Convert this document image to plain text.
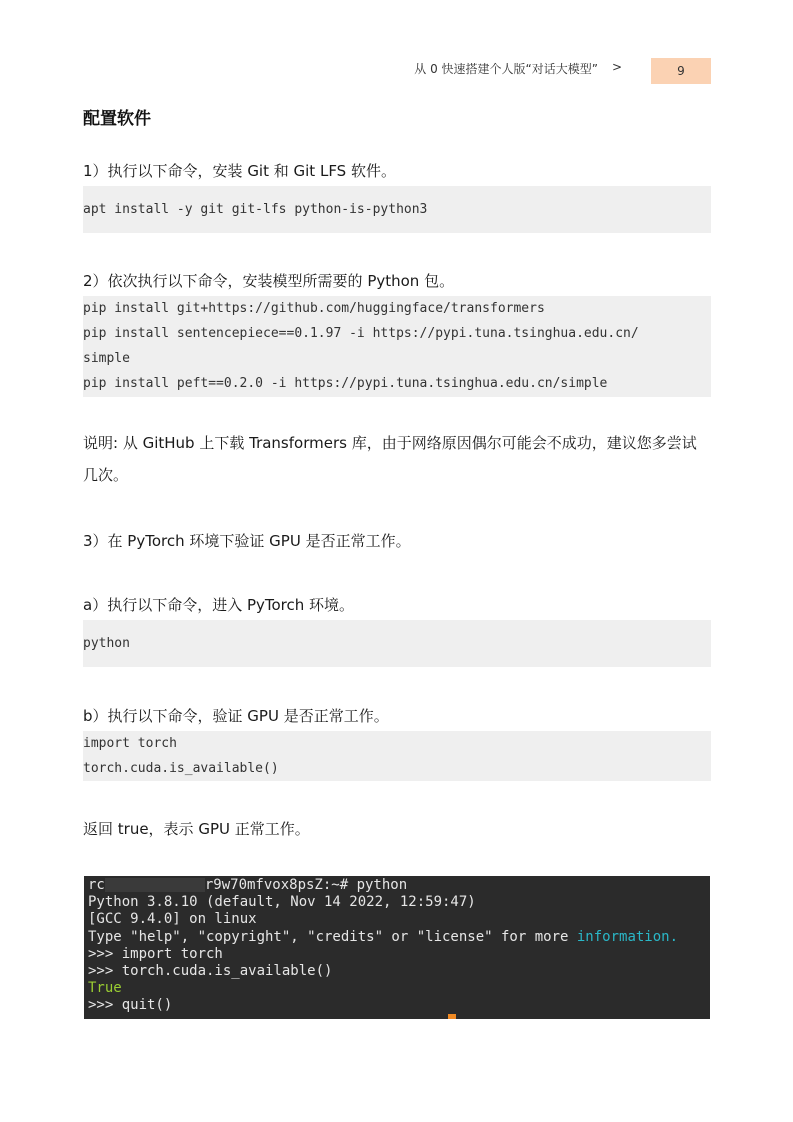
从 0 快速搭建个人版“对话大模型” >	9
配置软件
1）执行以下命令，安装 Git 和 Git LFS 软件。
apt install -y git git-lfs python-is-python3
2）依次执行以下命令，安装模型所需要的 Python 包。
pip install git+https://github.com/huggingface/transformers
pip install sentencepiece==0.1.97 -i https://pypi.tuna.tsinghua.edu.cn/
simple
pip install peft==0.2.0 -i https://pypi.tuna.tsinghua.edu.cn/simple
说明: 从 GitHub 上下载 Transformers 库，由于网络原因偶尔可能会不成功，建议您多尝试几次。
3）在 PyTorch 环境下验证 GPU 是否正常工作。
a）执行以下命令，进入 PyTorch 环境。
python
b）执行以下命令，验证 GPU 是否正常工作。
import torch
torch.cuda.is_available()
返回 true，表示 GPU 正常工作。
rc	r9w70mfvox8psZ:~# python
Python 3.8.10 (default, Nov 14 2022, 12:59:47)
[GCC 9.4.0] on linux
Type "help", "copyright", "credits" or "license" for more information.
>>> import torch
>>> torch.cuda.is_available()
True
>>> quit()
